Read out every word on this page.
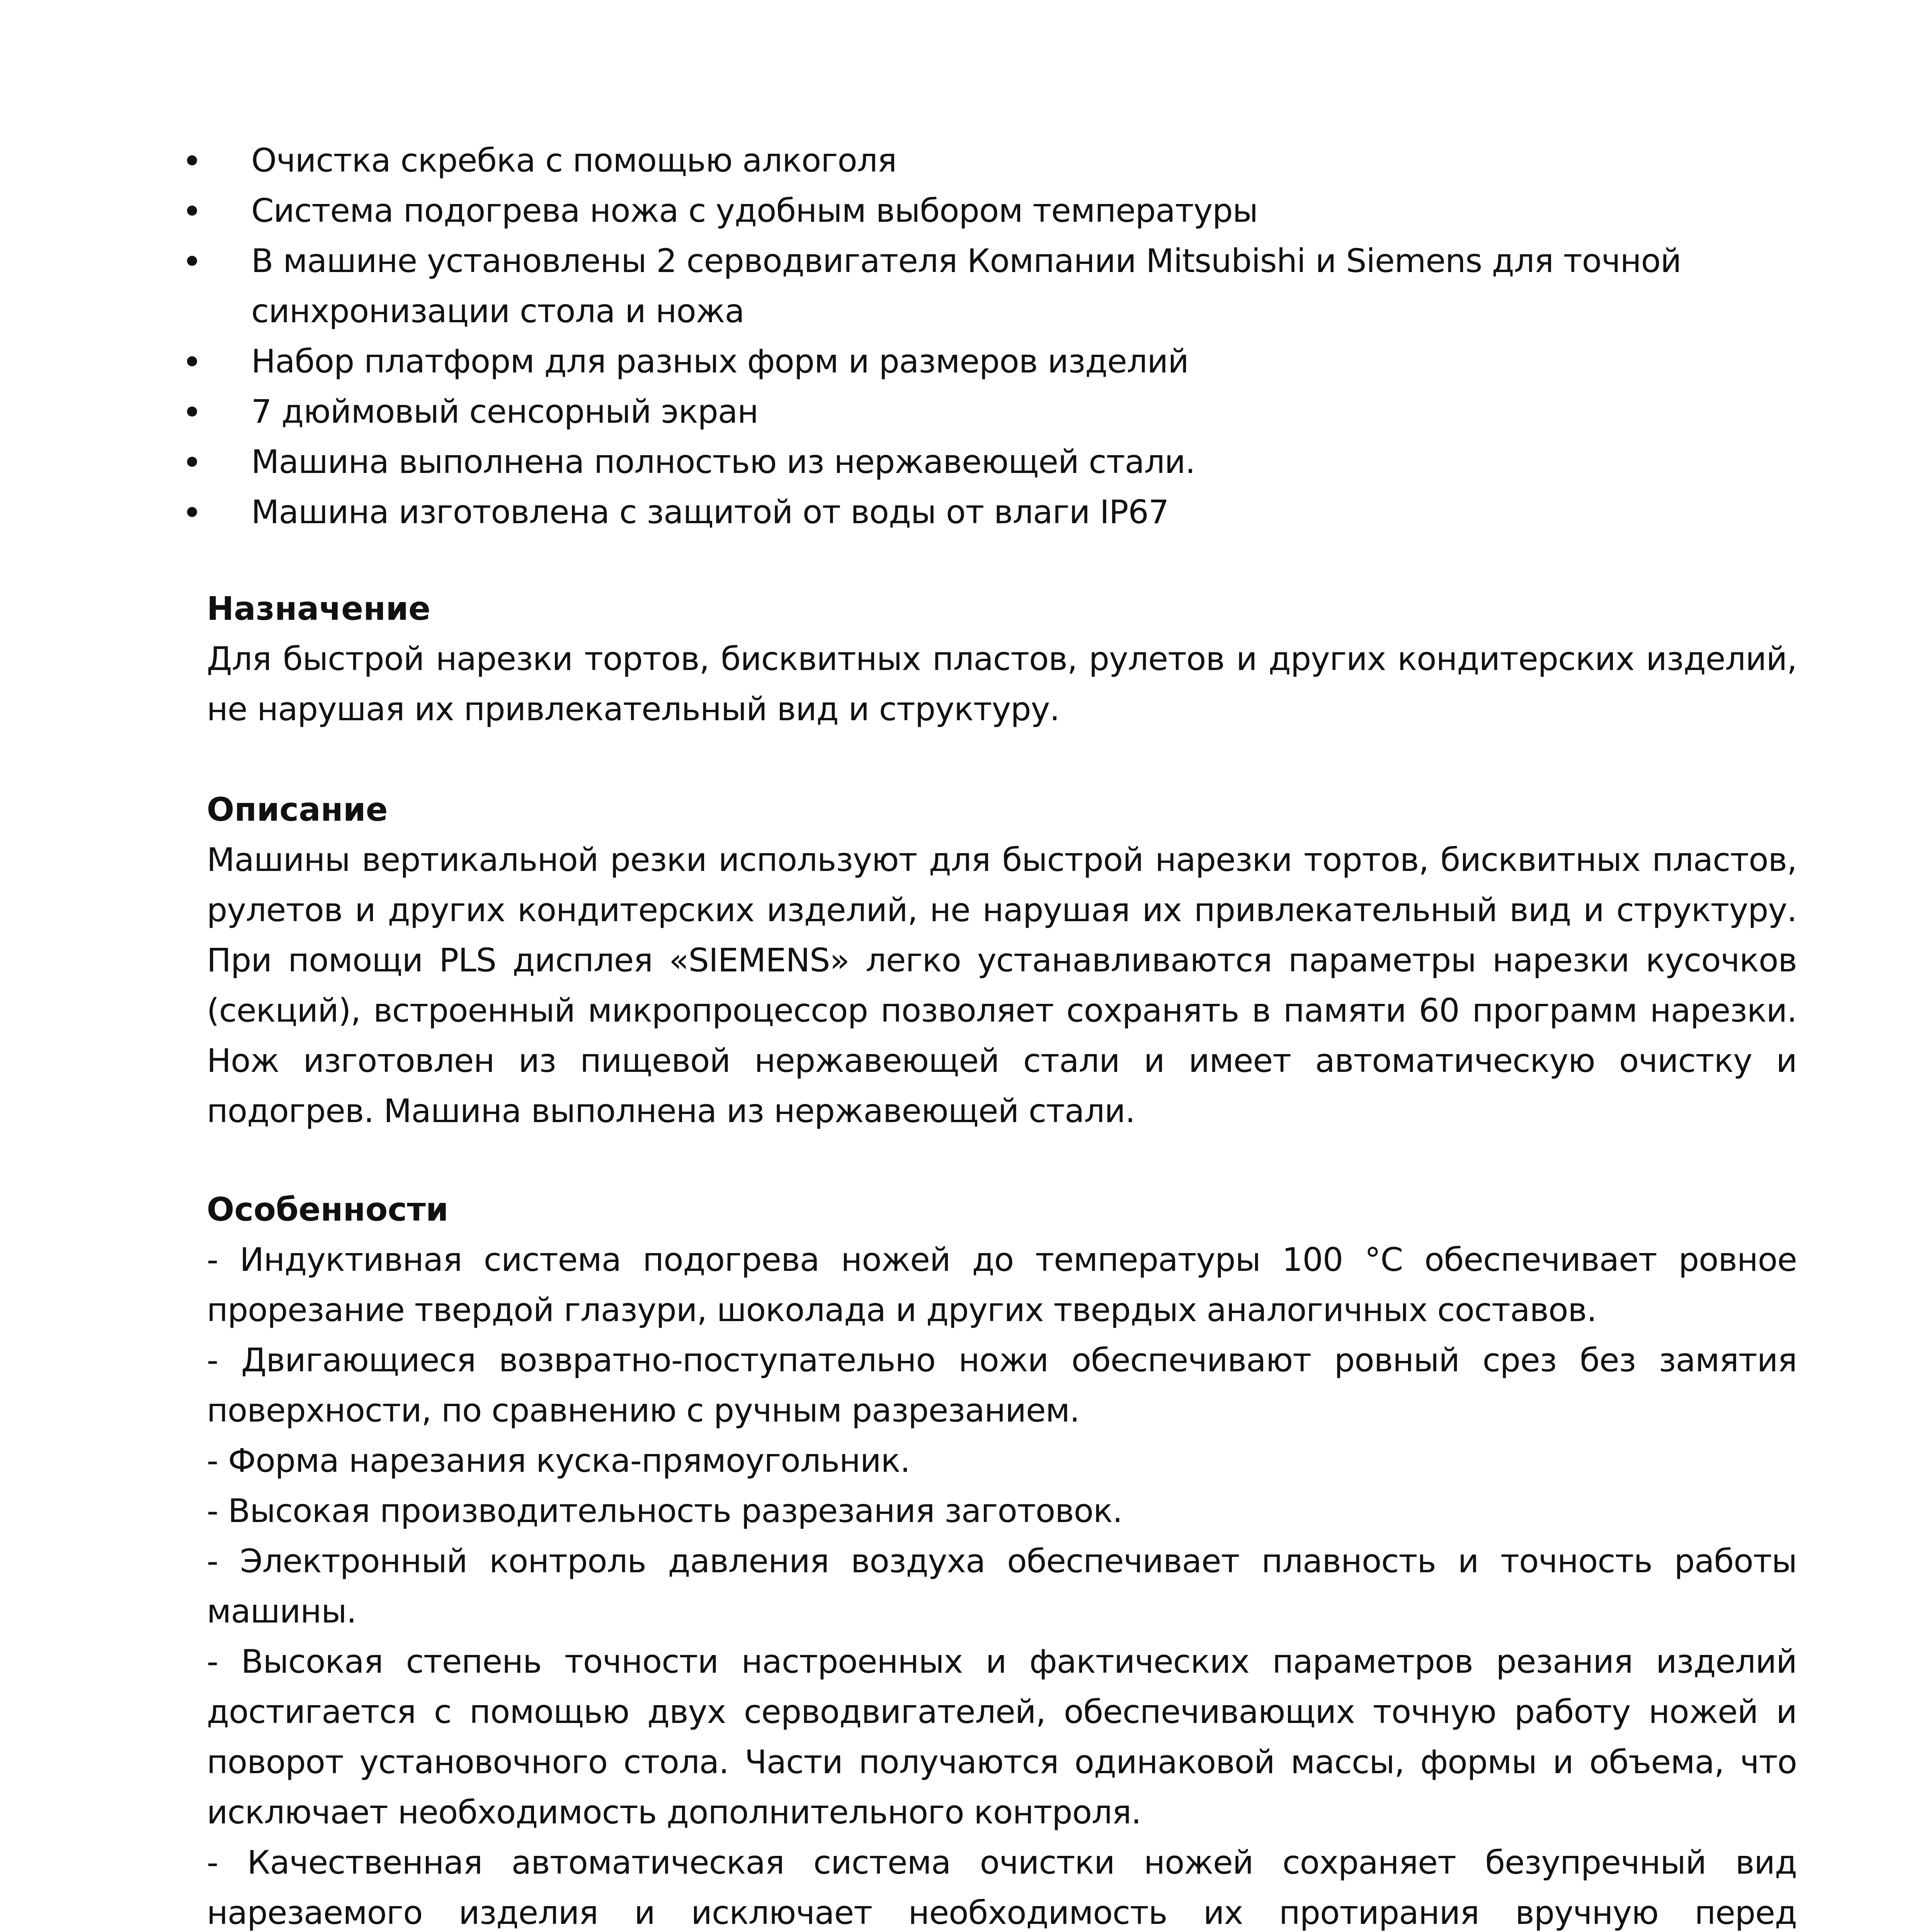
Очистка скребка с помощью алкоголя
Система подогрева ножа с удобным выбором температуры
В машине установлены 2 серводвигателя Компании Mitsubishi и Siemens для точной синхронизации стола и ножа
Набор платформ для разных форм и размеров изделий
7 дюймовый сенсорный экран
Машина выполнена полностью из нержавеющей стали.
Машина изготовлена с защитой от воды от влаги IP67
Назначение

Для быстрой нарезки тортов, бисквитных пластов, рулетов и других кондитерских изделий, не нарушая их привлекательный вид и структуру.

Описание

Машины вертикальной резки используют для быстрой нарезки тортов, бисквитных пластов, рулетов и других кондитерских изделий, не нарушая их привлекательный вид и структуру. При помощи PLS дисплея «SIEMENS» легко устанавливаются параметры нарезки кусочков (секций), встроенный микропроцессор позволяет сохранять в памяти 60 программ нарезки. Нож изготовлен из пищевой нержавеющей стали и имеет автоматическую очистку и подогрев. Машина выполнена из нержавеющей стали.

Особенности
- Индуктивная система подогрева ножей до температуры 100 °С обеспечивает ровное прорезание твердой глазури, шоколада и других твердых аналогичных составов.
- Двигающиеся возвратно-поступательно ножи обеспечивают ровный срез без замятия поверхности, по сравнению с ручным разрезанием.
- Форма нарезания куска-прямоугольник.
- Высокая производительность разрезания заготовок.
- Электронный контроль давления воздуха обеспечивает плавность и точность работы машины.
- Высокая степень точности настроенных и фактических параметров резания изделий достигается с помощью двух серводвигателей, обеспечивающих точную работу ножей и поворот установочного стола. Части получаются одинаковой массы, формы и объема, что исключает необходимость дополнительного контроля.
- Качественная автоматическая система очистки ножей сохраняет безупречный вид нарезаемого изделия и исключает необходимость их протирания вручную перед
